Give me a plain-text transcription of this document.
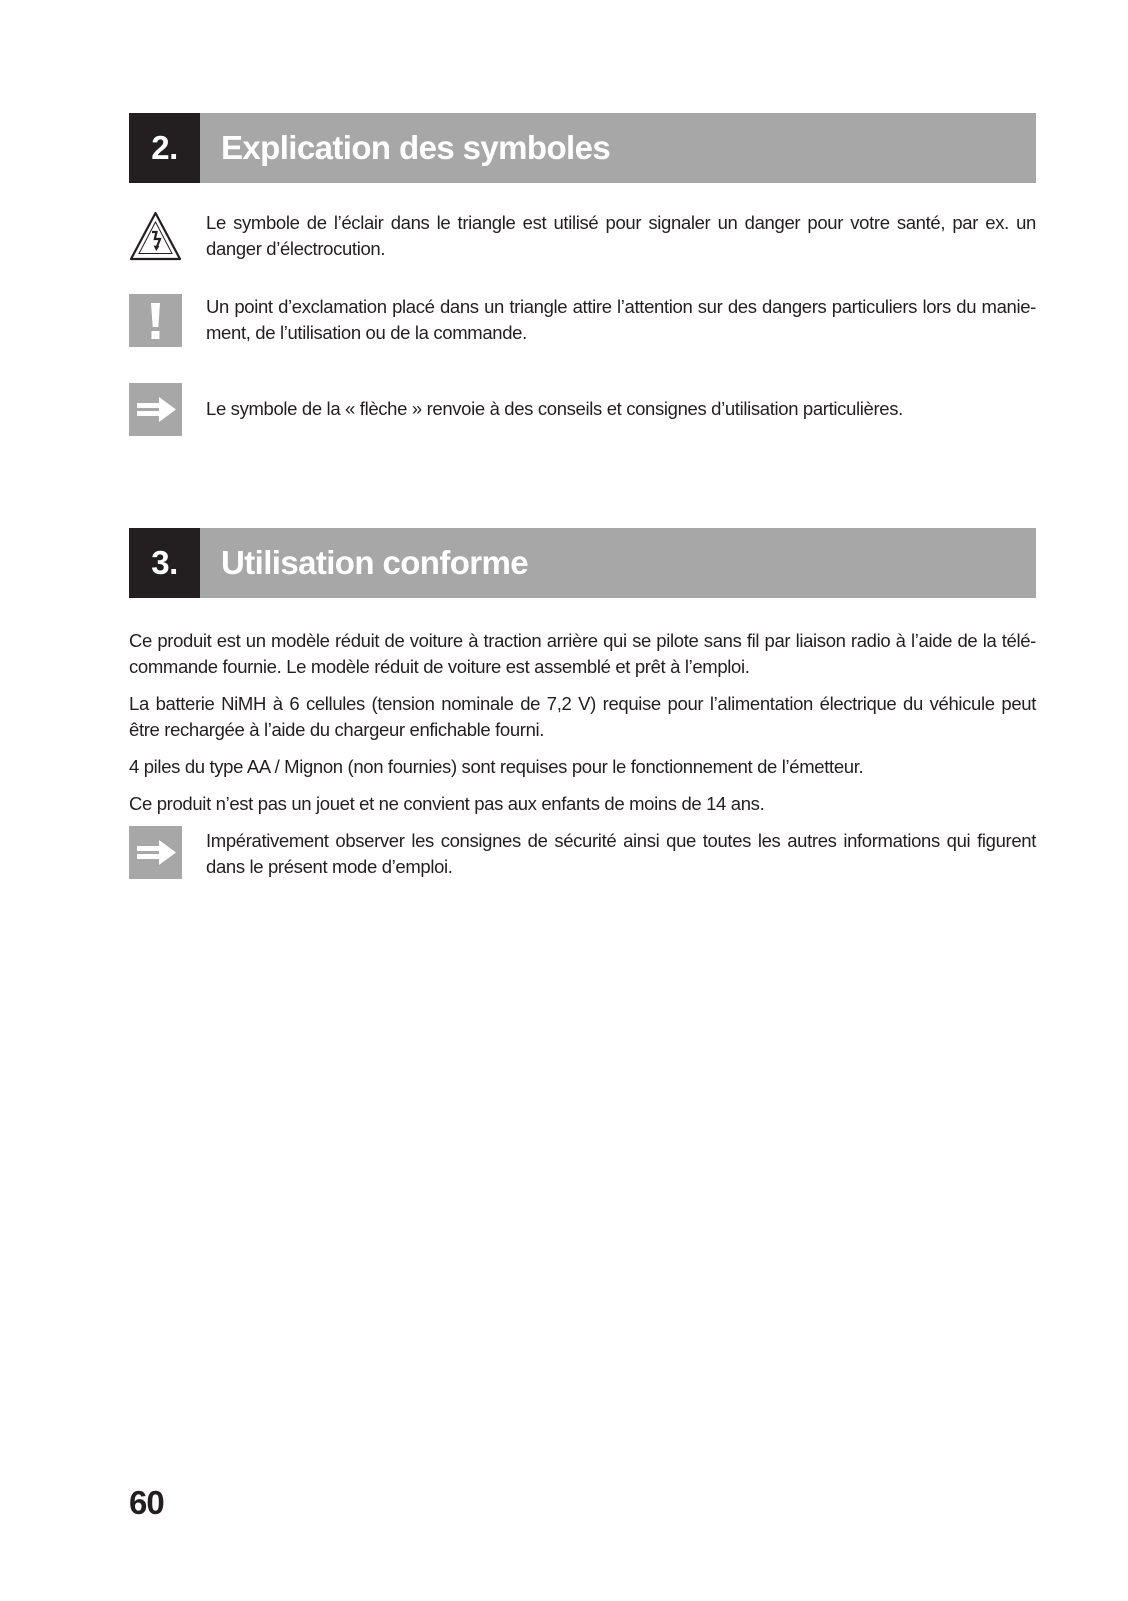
2.	Explication des symboles
Le symbole de l’éclair dans le triangle est utilisé pour signaler un danger pour votre santé, par ex. un danger d’électrocution.
Un point d’exclamation placé dans un triangle attire l’attention sur des dangers particuliers lors du manie-ment, de l’utilisation ou de la commande.
Le symbole de la « flèche » renvoie à des conseils et consignes d’utilisation particulières.
3.	Utilisation conforme

Ce produit est un modèle réduit de voiture à traction arrière qui se pilote sans fil par liaison radio à l’aide de la télé-commande fournie. Le modèle réduit de voiture est assemblé et prêt à l’emploi.

La batterie NiMH à 6 cellules (tension nominale de 7,2 V) requise pour l’alimentation électrique du véhicule peut être rechargée à l’aide du chargeur enfichable fourni.

4 piles du type AA / Mignon (non fournies) sont requises pour le fonctionnement de l’émetteur.

Ce produit n’est pas un jouet et ne convient pas aux enfants de moins de 14 ans.

Impérativement observer les consignes de sécurité ainsi que toutes les autres informations qui figurent dans le présent mode d’emploi.
60
